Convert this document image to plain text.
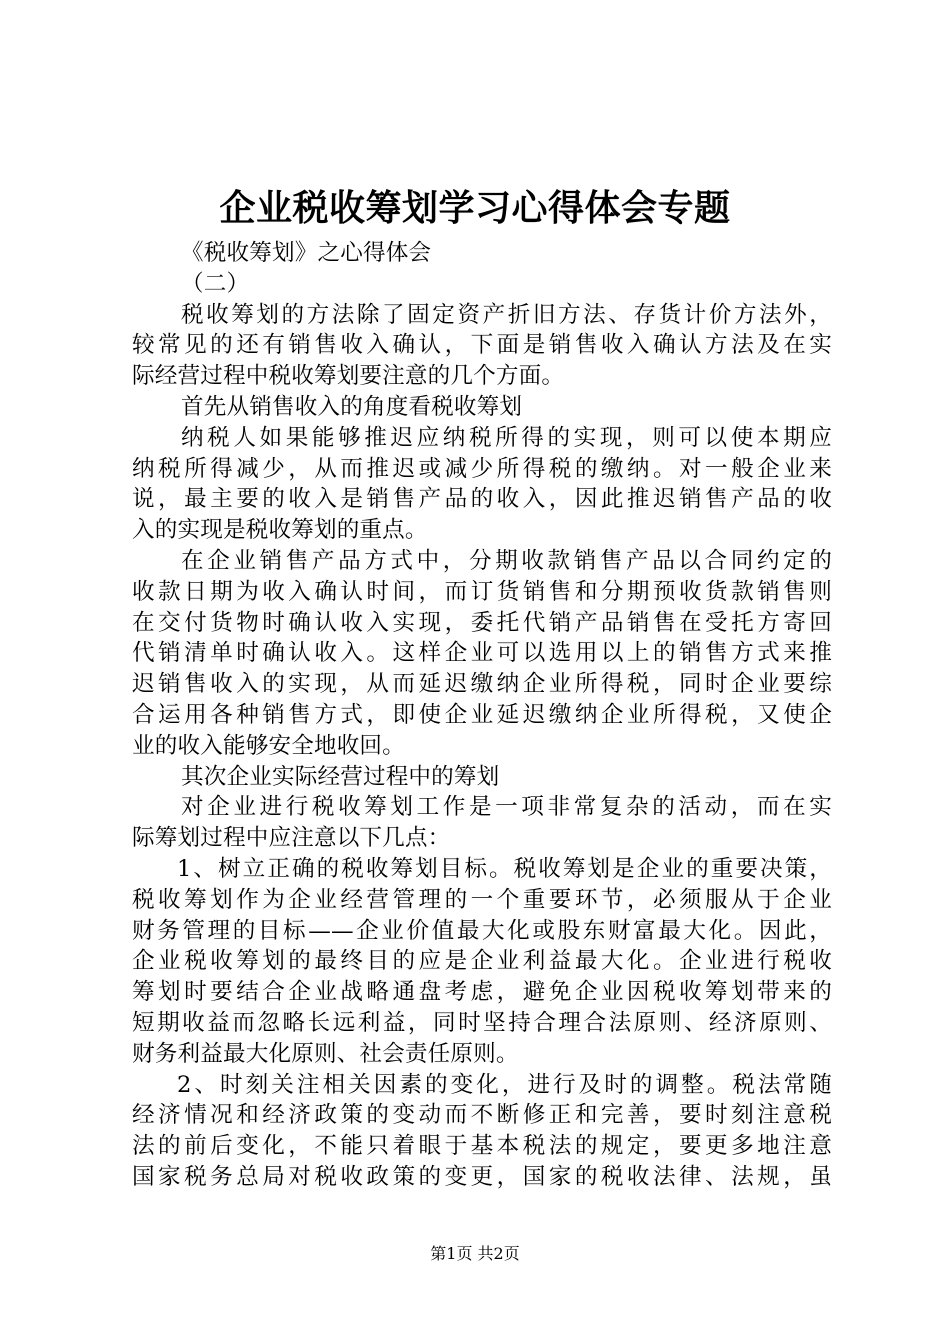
企业税收筹划学习心得体会专题
《税收筹划》之心得体会
（二）
税收筹划的方法除了固定资产折旧方法、存货计价方法外，
较常见的还有销售收入确认，下面是销售收入确认方法及在实
际经营过程中税收筹划要注意的几个方面。
首先从销售收入的角度看税收筹划
纳税人如果能够推迟应纳税所得的实现，则可以使本期应
纳税所得减少，从而推迟或减少所得税的缴纳。对一般企业来
说，最主要的收入是销售产品的收入，因此推迟销售产品的收
入的实现是税收筹划的重点。
在企业销售产品方式中，分期收款销售产品以合同约定的
收款日期为收入确认时间，而订货销售和分期预收货款销售则
在交付货物时确认收入实现，委托代销产品销售在受托方寄回
代销清单时确认收入。这样企业可以选用以上的销售方式来推
迟销售收入的实现，从而延迟缴纳企业所得税，同时企业要综
合运用各种销售方式，即使企业延迟缴纳企业所得税，又使企
业的收入能够安全地收回。
其次企业实际经营过程中的筹划
对企业进行税收筹划工作是一项非常复杂的活动，而在实
际筹划过程中应注意以下几点：
1、树立正确的税收筹划目标。税收筹划是企业的重要决策，
税收筹划作为企业经营管理的一个重要环节，必须服从于企业
财务管理的目标——企业价值最大化或股东财富最大化。因此，
企业税收筹划的最终目的应是企业利益最大化。企业进行税收
筹划时要结合企业战略通盘考虑，避免企业因税收筹划带来的
短期收益而忽略长远利益，同时坚持合理合法原则、经济原则、
财务利益最大化原则、社会责任原则。
2、时刻关注相关因素的变化，进行及时的调整。税法常随
经济情况和经济政策的变动而不断修正和完善，要时刻注意税
法的前后变化，不能只着眼于基本税法的规定，要更多地注意
国家税务总局对税收政策的变更，国家的税收法律、法规，虽
第1页 共2页
